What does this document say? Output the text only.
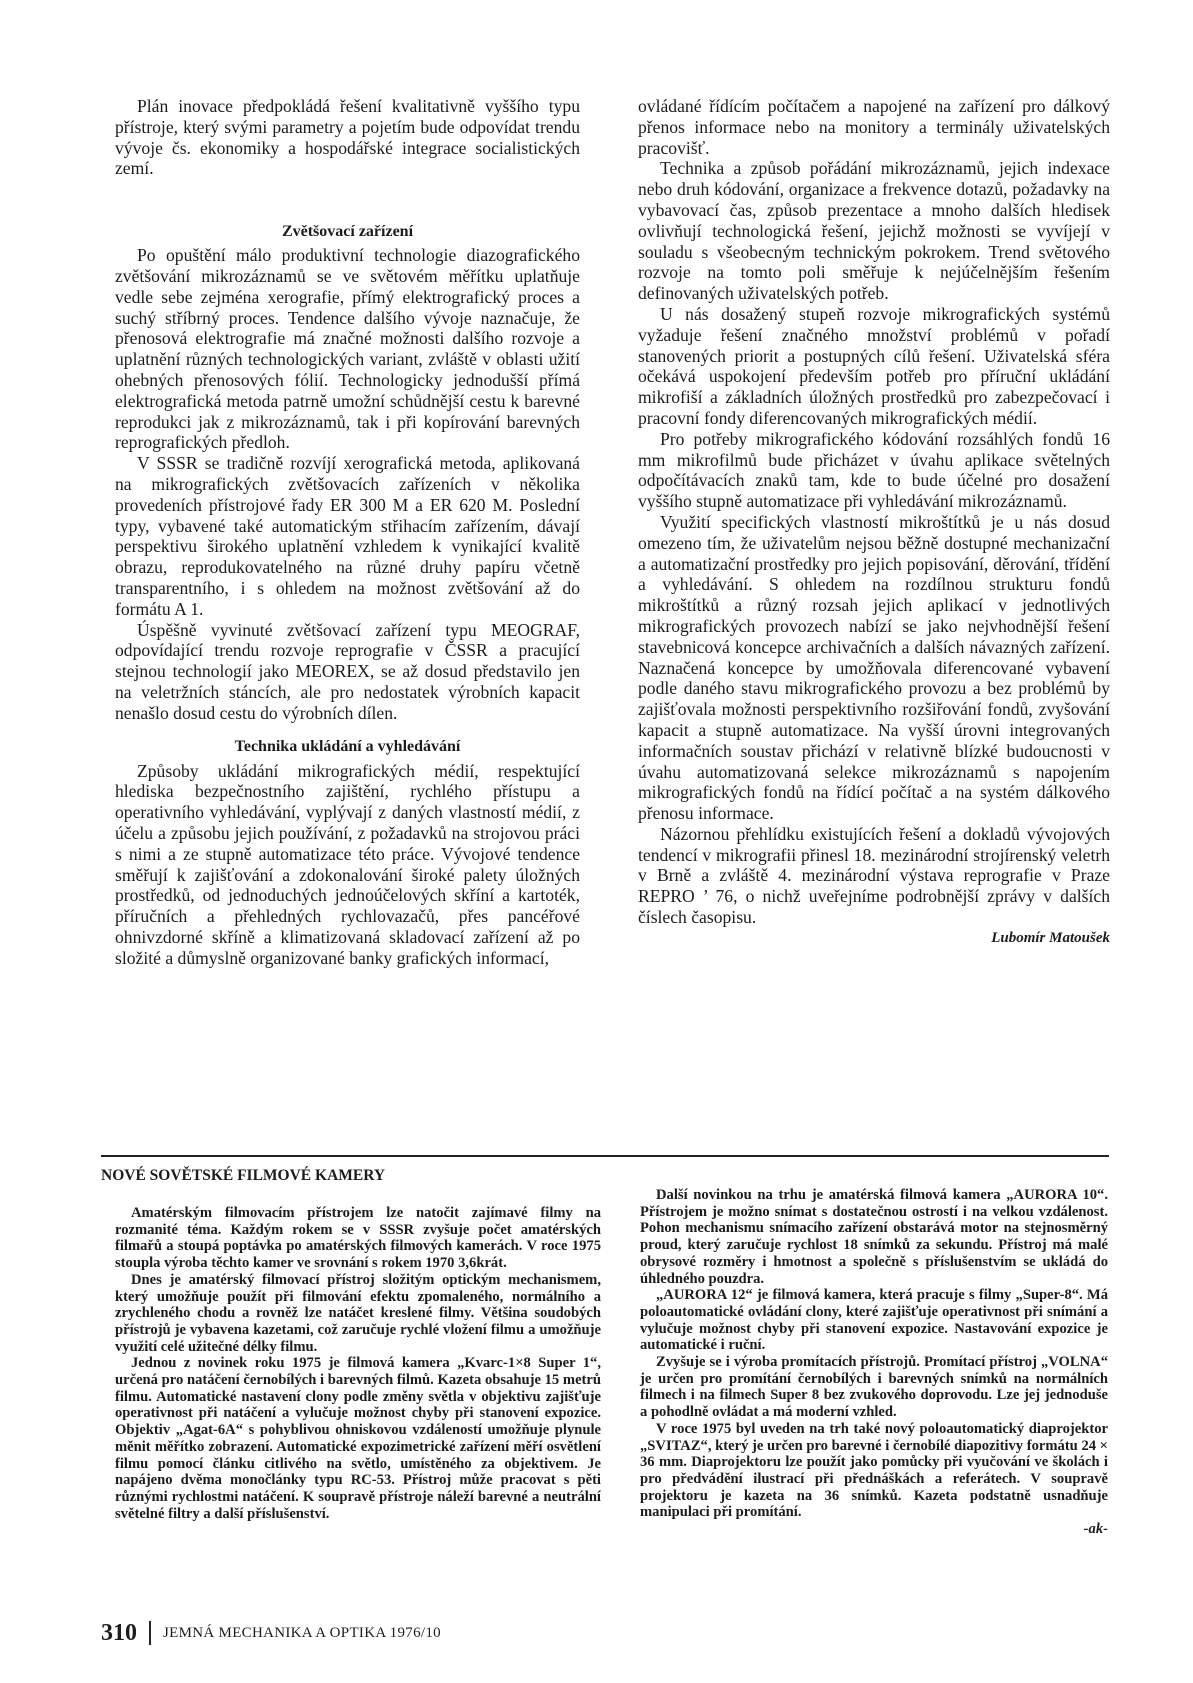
Plán inovace předpokládá řešení kvalitativně vyššího typu přístroje, který svými parametry a pojetím bude odpovídat trendu vývoje čs. ekonomiky a hospodářské integrace socialistických zemí.

Zvětšovací zařízení

Po opuštění málo produktivní technologie diazografického zvětšování mikrozáznamů se ve světovém měřítku uplatňuje vedle sebe zejména xerografie, přímý elektrografický proces a suchý stříbrný proces. Tendence dalšího vývoje naznačuje, že přenosová elektrografie má značné možnosti dalšího rozvoje a uplatnění různých technologických variant, zvláště v oblasti užití ohebných přenosových fólií. Technologicky jednodušší přímá elektrografická metoda patrně umožní schůdnější cestu k barevné reprodukci jak z mikrozáznamů, tak i při kopírování barevných reprografických předloh.

V SSSR se tradičně rozvíjí xerografická metoda, aplikovaná na mikrografických zvětšovacích zařízeních v několika provedeních přístrojové řady ER 300 M a ER 620 M. Poslední typy, vybavené také automatickým střihacím zařízením, dávají perspektivu širokého uplatnění vzhledem k vynikající kvalitě obrazu, reprodukovatelného na různé druhy papíru včetně transparentního, i s ohledem na možnost zvětšování až do formátu A 1.

Úspěšně vyvinuté zvětšovací zařízení typu MEOGRAF, odpovídající trendu rozvoje reprografie v ČSSR a pracující stejnou technologií jako MEOREX, se až dosud představilo jen na veletržních stáncích, ale pro nedostatek výrobních kapacit nenašlo dosud cestu do výrobních dílen.

Technika ukládání a vyhledávání

Způsoby ukládání mikrografických médií, respektující hlediska bezpečnostního zajištění, rychlého přístupu a operativního vyhledávání, vyplývají z daných vlastností médií, z účelu a způsobu jejich používání, z požadavků na strojovou práci s nimi a ze stupně automatizace této práce. Vývojové tendence směřují k zajišťování a zdokonalování široké palety úložných prostředků, od jednoduchých jednoúčelových skříní a kartoték, příručních a přehledných rychlovazačů, přes pancéřové ohnivzdorné skříně a klimatizovaná skladovací zařízení až po složité a důmyslně organizované banky grafických informací,

ovládané řídícím počítačem a napojené na zařízení pro dálkový přenos informace nebo na monitory a terminály uživatelských pracovišť.

Technika a způsob pořádání mikrozáznamů, jejich indexace nebo druh kódování, organizace a frekvence dotazů, požadavky na vybavovací čas, způsob prezentace a mnoho dalších hledisek ovlivňují technologická řešení, jejichž možnosti se vyvíjejí v souladu s všeobecným technickým pokrokem. Trend světového rozvoje na tomto poli směřuje k nejúčelnějším řešením definovaných uživatelských potřeb.

U nás dosažený stupeň rozvoje mikrografických systémů vyžaduje řešení značného množství problémů v pořadí stanovených priorit a postupných cílů řešení. Uživatelská sféra očekává uspokojení především potřeb pro příruční ukládání mikrofiší a základních úložných prostředků pro zabezpečovací i pracovní fondy diferencovaných mikrografických médií.

Pro potřeby mikrografického kódování rozsáhlých fondů 16 mm mikrofilmů bude přicházet v úvahu aplikace světelných odpočítávacích znaků tam, kde to bude účelné pro dosažení vyššího stupně automatizace při vyhledávání mikrozáznamů.

Využití specifických vlastností mikroštítků je u nás dosud omezeno tím, že uživatelům nejsou běžně dostupné mechanizační a automatizační prostředky pro jejich popisování, děrování, třídění a vyhledávání. S ohledem na rozdílnou strukturu fondů mikroštítků a různý rozsah jejich aplikací v jednotlivých mikrografických provozech nabízí se jako nejvhodnější řešení stavebnicová koncepce archivačních a dalších návazných zařízení. Naznačená koncepce by umožňovala diferencované vybavení podle daného stavu mikrografického provozu a bez problémů by zajišťovala možnosti perspektivního rozšiřování fondů, zvyšování kapacit a stupně automatizace. Na vyšší úrovni integrovaných informačních soustav přichází v relativně blízké budoucnosti v úvahu automatizovaná selekce mikrozáznamů s napojením mikrografických fondů na řídící počítač a na systém dálkového přenosu informace.

Názornou přehlídku existujících řešení a dokladů vývojových tendencí v mikrografii přinesl 18. mezinárodní strojírenský veletrh v Brně a zvláště 4. mezinárodní výstava reprografie v Praze REPRO ’ 76, o nichž uveřejníme podrobnější zprávy v dalších číslech časopisu.

Lubomír Matoušek

NOVÉ SOVĚTSKÉ FILMOVÉ KAMERY

Amatérským filmovacím přístrojem lze natočit zajímavé filmy na rozmanité téma. Každým rokem se v SSSR zvyšuje počet amatérských filmařů a stoupá poptávka po amatérských filmových kamerách. V roce 1975 stoupla výroba těchto kamer ve srovnání s rokem 1970 3,6krát.

Dnes je amatérský filmovací přístroj složitým optickým mechanismem, který umožňuje použít při filmování efektu zpomaleného, normálního a zrychleného chodu a rovněž lze natáčet kreslené filmy. Většina soudobých přístrojů je vybavena kazetami, což zaručuje rychlé vložení filmu a umožňuje využití celé užitečné délky filmu.

Jednou z novinek roku 1975 je filmová kamera „Kvarc-1×8 Super 1“, určená pro natáčení černobílých i barevných filmů. Kazeta obsahuje 15 metrů filmu. Automatické nastavení clony podle změny světla v objektivu zajišťuje operativnost při natáčení a vylučuje možnost chyby při stanovení expozice. Objektiv „Agat-6A“ s pohyblivou ohniskovou vzdáleností umožňuje plynule měnit měřítko zobrazení. Automatické expozimetrické zařízení měří osvětlení filmu pomocí článku citlivého na světlo, umístěného za objektivem. Je napájeno dvěma monočlánky typu RC-53. Přístroj může pracovat s pěti různými rychlostmi natáčení. K soupravě přístroje náleží barevné a neutrální světelné filtry a další příslušenství.

Další novinkou na trhu je amatérská filmová kamera „AURORA 10“. Přístrojem je možno snímat s dostatečnou ostrostí i na velkou vzdálenost. Pohon mechanismu snímacího zařízení obstarává motor na stejnosměrný proud, který zaručuje rychlost 18 snímků za sekundu. Přístroj má malé obrysové rozměry i hmotnost a společně s příslušenstvím se ukládá do úhledného pouzdra.

„AURORA 12“ je filmová kamera, která pracuje s filmy „Super-8“. Má poloautomatické ovládání clony, které zajišťuje operativnost při snímání a vylučuje možnost chyby při stanovení expozice. Nastavování expozice je automatické i ruční.

Zvyšuje se i výroba promítacích přístrojů. Promítací přístroj „VOLNA“ je určen pro promítání černobílých i barevných snímků na normálních filmech i na filmech Super 8 bez zvukového doprovodu. Lze jej jednoduše a pohodlně ovládat a má moderní vzhled.

V roce 1975 byl uveden na trh také nový poloautomatický diaprojektor „SVITAZ“, který je určen pro barevné i černobílé diapozitivy formátu 24 × 36 mm. Diaprojektoru lze použít jako pomůcky při vyučování ve školách i pro předvádění ilustrací při přednáškách a referátech. V soupravě projektoru je kazeta na 36 snímků. Kazeta podstatně usnadňuje manipulaci při promítání.

-ak-

310 JEMNÁ MECHANIKA A OPTIKA 1976/10
